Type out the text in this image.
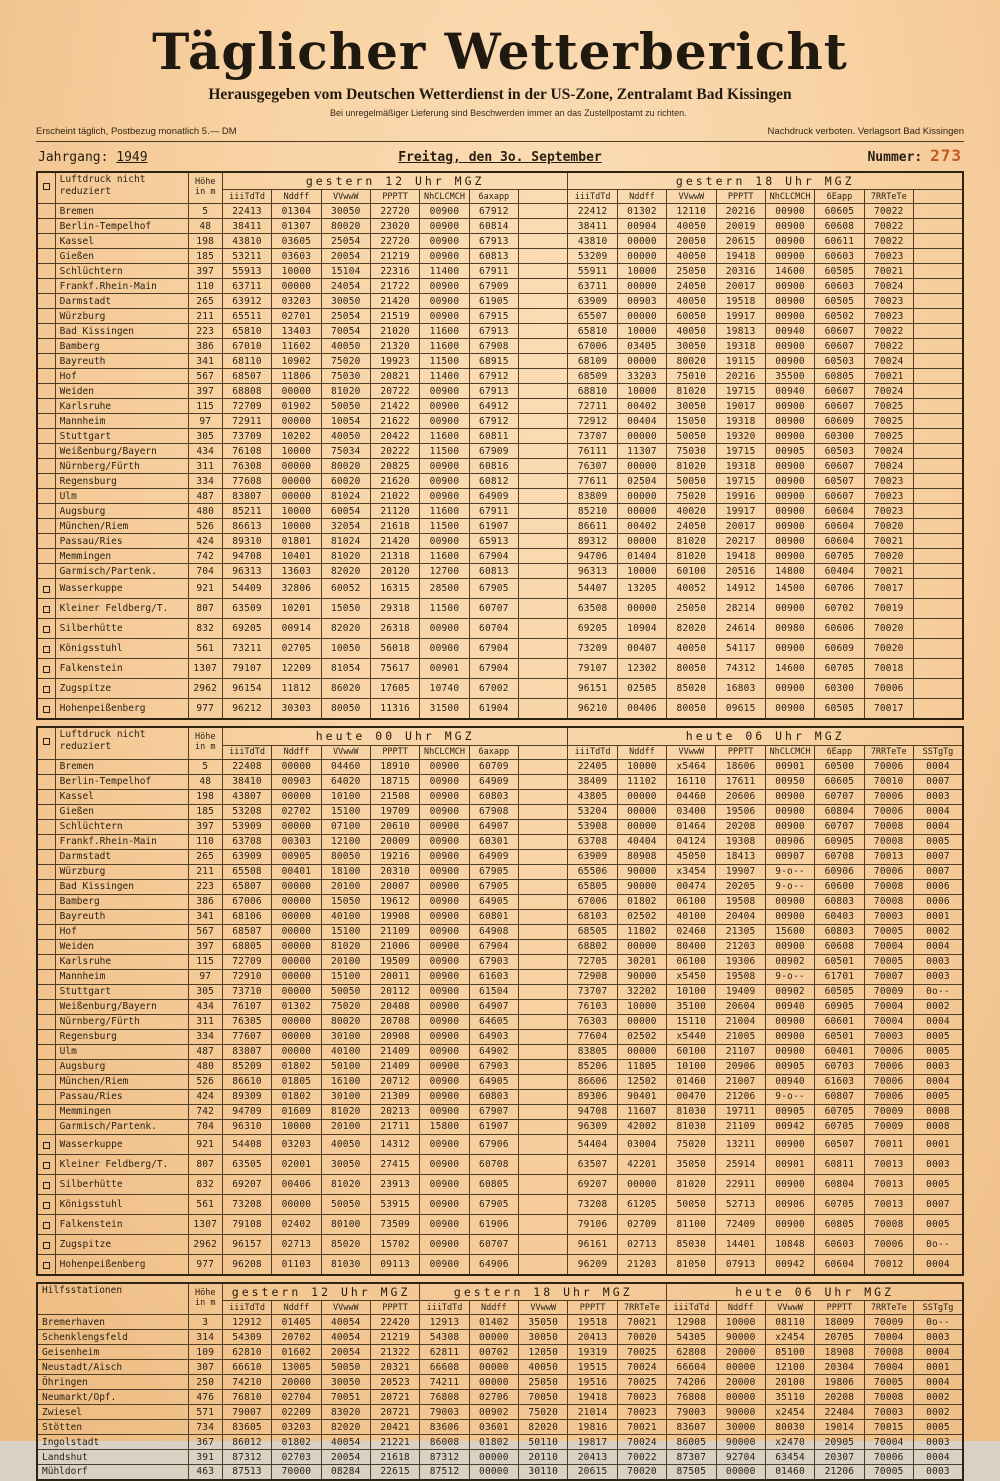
Täglicher Wetterbericht
Herausgegeben vom Deutschen Wetterdienst in der US-Zone, Zentralamt Bad Kissingen
Bei unregelmäßiger Lieferung sind Beschwerden immer an das Zustellpostamt zu richten.
Erscheint täglich, Postbezug monatlich 5.— DM	Nachdruck verboten. Verlagsort Bad Kissingen
Jahrgang: 1949	Freitag, den 3o. September	Nummer: 273
	Luftdruck nicht reduziert	Höhe in m	gestern 12 Uhr MGZ							gestern 18 Uhr MGZ							
			iiiTdTd	Nddff	VVwwW	PPPTT	NhCLCMCH	6axapp		iiiTdTd	Nddff	VVwwW	PPPTT	NhCLCMCH	6Eapp	7RRTeTe	
	Bremen	5	22413	01304	30050	22720	00900	67912		22412	01302	12110	20216	00900	60605	70022	
	Berlin-Tempelhof	48	38411	01307	80020	23020	00900	60814		38411	00904	40050	20019	00900	60608	70022	
	Kassel	198	43810	03605	25054	22720	00900	67913		43810	00000	20050	20615	00900	60611	70022	
	Gießen	185	53211	03603	20054	21219	00900	60813		53209	00000	40050	19418	00900	60603	70023	
	Schlüchtern	397	55913	10000	15104	22316	11400	67911		55911	10000	25050	20316	14600	60505	70021	
	Frankf.Rhein-Main	110	63711	00000	24054	21722	00900	67909		63711	00000	24050	20017	00900	60603	70024	
	Darmstadt	265	63912	03203	30050	21420	00900	61905		63909	00903	40050	19518	00900	60505	70023	
	Würzburg	211	65511	02701	25054	21519	00900	67915		65507	00000	60050	19917	00900	60502	70023	
	Bad Kissingen	223	65810	13403	70054	21020	11600	67913		65810	10000	40050	19813	00940	60607	70022	
	Bamberg	386	67010	11602	40050	21320	11600	67908		67006	03405	30050	19318	00900	60607	70022	
	Bayreuth	341	68110	10902	75020	19923	11500	68915		68109	00000	80020	19115	00900	60503	70024	
	Hof	567	68507	11806	75030	20821	11400	67912		68509	33203	75010	20216	35500	60805	70021	
	Weiden	397	68808	00000	81020	20722	00900	67913		68810	10000	81020	19715	00940	60607	70024	
	Karlsruhe	115	72709	01902	50050	21422	00900	64912		72711	00402	30050	19017	00900	60607	70025	
	Mannheim	97	72911	00000	10054	21622	00900	67912		72912	00404	15050	19318	00900	60609	70025	
	Stuttgart	305	73709	10202	40050	20422	11600	60811		73707	00000	50050	19320	00900	60300	70025	
	Weißenburg/Bayern	434	76108	10000	75034	20222	11500	67909		76111	11307	75030	19715	00905	60503	70024	
	Nürnberg/Fürth	311	76308	00000	80020	20825	00900	60816		76307	00000	81020	19318	00900	60607	70024	
	Regensburg	334	77608	00000	60020	21620	00900	60812		77611	02504	50050	19715	00900	60507	70023	
	Ulm	487	83807	00000	81024	21022	00900	64909		83809	00000	75020	19916	00900	60607	70023	
	Augsburg	480	85211	10000	60054	21120	11600	67911		85210	00000	40020	19917	00900	60604	70023	
	München/Riem	526	86613	10000	32054	21618	11500	61907		86611	00402	24050	20017	00900	60604	70020	
	Passau/Ries	424	89310	01801	81024	21420	00900	65913		89312	00000	81020	20217	00900	60604	70021	
	Memmingen	742	94708	10401	81020	21318	11600	67904		94706	01404	81020	19418	00900	60705	70020	
	Garmisch/Partenk.	704	96313	13603	82020	20120	12700	60813		96313	10000	60100	20516	14800	60404	70021	
	Wasserkuppe	921	54409	32806	60052	16315	28500	67905		54407	13205	40052	14912	14500	60706	70017	
	Kleiner Feldberg/T.	807	63509	10201	15050	29318	11500	60707		63508	00000	25050	28214	00900	60702	70019	
	Silberhütte	832	69205	00914	82020	26318	00900	60704		69205	10904	82020	24614	00980	60606	70020	
	Königsstuhl	561	73211	02705	10050	56018	00900	67904		73209	00407	40050	54117	00900	60609	70020	
	Falkenstein	1307	79107	12209	81054	75617	00901	67904		79107	12302	80050	74312	14600	60705	70018	
	Zugspitze	2962	96154	11812	86020	17605	10740	67002		96151	02505	85020	16803	00900	60300	70006	
	Hohenpeißenberg	977	96212	30303	80050	11316	31500	61904		96210	00406	80050	09615	00900	60505	70017	
	Luftdruck nicht reduziert	Höhe in m	heute 00 Uhr MGZ							heute 06 Uhr MGZ							
			iiiTdTd	Nddff	VVwwW	PPPTT	NhCLCMCH	6axapp		iiiTdTd	Nddff	VVwwW	PPPTT	NhCLCMCH	6Eapp	7RRTeTe	SSTgTg
	Bremen	5	22408	00000	04460	18910	00900	60709		22405	10000	x5464	18606	00901	60500	70006	0004
	Berlin-Tempelhof	48	38410	00903	64020	18715	00900	64909		38409	11102	16110	17611	00950	60605	70010	0007
	Kassel	198	43807	00000	10100	21508	00900	60803		43805	00000	04460	20606	00900	60707	70006	0003
	Gießen	185	53208	02702	15100	19709	00900	67908		53204	00000	03400	19506	00900	60804	70006	0004
	Schlüchtern	397	53909	00000	07100	20610	00900	64907		53908	00000	01464	20208	00900	60707	70008	0004
	Frankf.Rhein-Main	110	63708	00303	12100	20009	00900	60301		63708	40404	04124	19308	00906	60905	70008	0005
	Darmstadt	265	63909	00905	80050	19216	00900	64909		63909	80908	45050	18413	00907	60708	70013	0007
	Würzburg	211	65508	00401	18100	20310	00900	67905		65506	90000	x3454	19907	9-o--	60906	70006	0007
	Bad Kissingen	223	65807	00000	20100	20007	00900	67905		65805	90000	00474	20205	9-o--	60600	70008	0006
	Bamberg	386	67006	00000	15050	19612	00900	64905		67006	01802	06100	19508	00900	60803	70008	0006
	Bayreuth	341	68106	00000	40100	19908	00900	60801		68103	02502	40100	20404	00900	60403	70003	0001
	Hof	567	68507	00000	15100	21109	00900	64908		68505	11802	02460	21305	15600	60803	70005	0002
	Weiden	397	68805	00000	81020	21006	00900	67904		68802	00000	80400	21203	00900	60608	70004	0004
	Karlsruhe	115	72709	00000	20100	19509	00900	67903		72705	30201	06100	19306	00902	60501	70005	0003
	Mannheim	97	72910	00000	15100	20011	00900	61603		72908	90000	x5450	19508	9-o--	61701	70007	0003
	Stuttgart	305	73710	00000	50050	20112	00900	61504		73707	32202	10100	19409	00902	60505	70009	0o--
	Weißenburg/Bayern	434	76107	01302	75020	20408	00900	64907		76103	10000	35100	20604	00940	60905	70004	0002
	Nürnberg/Fürth	311	76305	00000	80020	20708	00900	64605		76303	00000	15110	21004	00900	60601	70004	0004
	Regensburg	334	77607	00000	30100	20908	00900	64903		77604	02502	x5440	21005	00900	60501	70003	0005
	Ulm	487	83807	00000	40100	21409	00900	64902		83805	00000	60100	21107	00900	60401	70006	0005
	Augsburg	480	85209	01802	50100	21409	00900	67903		85206	11805	10100	20906	00905	60703	70006	0003
	München/Riem	526	86610	01805	16100	20712	00900	64905		86606	12502	01460	21007	00940	61603	70006	0004
	Passau/Ries	424	89309	01802	30100	21309	00900	60803		89306	90401	00470	21206	9-o--	60807	70006	0005
	Memmingen	742	94709	01609	81020	20213	00900	67907		94708	11607	81030	19711	00905	60705	70009	0008
	Garmisch/Partenk.	704	96310	10000	20100	21711	15800	61907		96309	42002	81030	21109	00942	60705	70009	0008
	Wasserkuppe	921	54408	03203	40050	14312	00900	67906		54404	03004	75020	13211	00900	60507	70011	0001
	Kleiner Feldberg/T.	807	63505	02001	30050	27415	00900	60708		63507	42201	35050	25914	00901	60811	70013	0003
	Silberhütte	832	69207	00406	81020	23913	00900	60805		69207	00000	81020	22911	00900	60804	70013	0005
	Königsstuhl	561	73208	00000	50050	53915	00900	67905		73208	61205	50050	52713	00906	60705	70013	0007
	Falkenstein	1307	79108	02402	80100	73509	00900	61906		79106	02709	81100	72409	00900	60805	70008	0005
	Zugspitze	2962	96157	02713	85020	15702	00900	60707		96161	02713	85030	14401	10848	60603	70006	0o--
	Hohenpeißenberg	977	96208	01103	81030	09113	00900	64906		96209	21203	81050	07913	00942	60604	70012	0004
Hilfsstationen	Höhe in m	gestern 12 Uhr MGZ				gestern 18 Uhr MGZ					heute 06 Uhr MGZ					
		iiiTdTd	Nddff	VVwwW	PPPTT	iiiTdTd	Nddff	VVwwW	PPPTT	7RRTeTe	iiiTdTd	Nddff	VVwwW	PPPTT	7RRTeTe	SSTgTg
Bremerhaven	3	12912	01405	40054	22420	12913	01402	35050	19518	70021	12908	10000	08110	18009	70009	0o--
Schenklengsfeld	314	54309	20702	40054	21219	54308	00000	30050	20413	70020	54305	90000	x2454	20705	70004	0003
Geisenheim	109	62810	01602	20054	21322	62811	00702	12050	19319	70025	62808	20000	05100	18908	70008	0004
Neustadt/Aisch	307	66610	13005	50050	20321	66608	00000	40050	19515	70024	66604	00000	12100	20304	70004	0001
Öhringen	250	74210	20000	30050	20523	74211	00000	25050	19516	70025	74206	20000	20100	19806	70005	0004
Neumarkt/Opf.	476	76810	02704	70051	20721	76808	02706	70050	19418	70023	76808	00000	35110	20208	70008	0002
Zwiesel	571	79007	02209	83020	20721	79003	00902	75020	21014	70023	79003	90000	x2454	22404	70003	0002
Stötten	734	83605	03203	82020	20421	83606	03601	82020	19816	70021	83607	30000	80030	19014	70015	0005
Ingolstadt	367	86012	01802	40054	21221	86008	01802	50110	19817	70024	86005	90000	x2470	20905	70004	0003
Landshut	391	87312	02703	20054	21618	87312	00000	20110	20413	70022	87307	92704	63454	20307	70006	0004
Mühldorf	463	87513	70000	08284	22615	87512	00000	30110	20615	70020	87505	00000	01460	21206	70005	0003
